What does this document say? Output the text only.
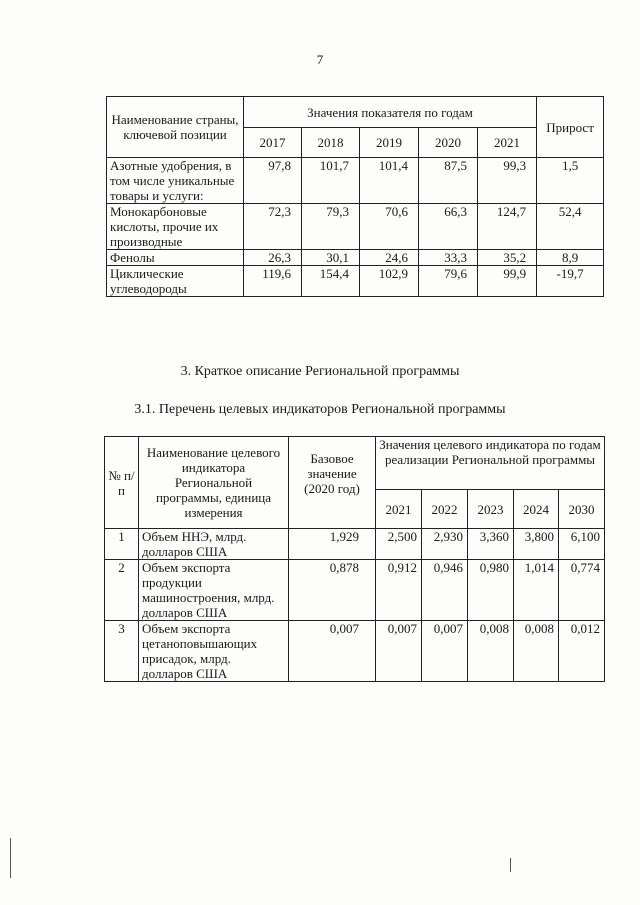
7
Наименование страны, ключевой позиции	Значения показателя по годам					Прирост
	2017	2018	2019	2020	2021	
Азотные удобрения, в том числе уникальные товары и услуги:	97,8	101,7	101,4	87,5	99,3	1,5
Монокарбоновые кислоты, прочие их производные	72,3	79,3	70,6	66,3	124,7	52,4
Фенолы	26,3	30,1	24,6	33,3	35,2	8,9
Циклические углеводороды	119,6	154,4	102,9	79,6	99,9	-19,7
3. Краткое описание Региональной программы
3.1. Перечень целевых индикаторов Региональной программы
№ п/п	Наименование целевого индикатора Региональной программы, единица измерения	Базовое значение (2020 год)	Значения целевого индикатора по годам реализации Региональной программы				
			2021	2022	2023	2024	2030
1	Объем ННЭ, млрд. долларов США	1,929	2,500	2,930	3,360	3,800	6,100
2	Объем экспорта продукции машиностроения, млрд. долларов США	0,878	0,912	0,946	0,980	1,014	0,774
3	Объем экспорта цетаноповышающих присадок, млрд. долларов США	0,007	0,007	0,007	0,008	0,008	0,012
